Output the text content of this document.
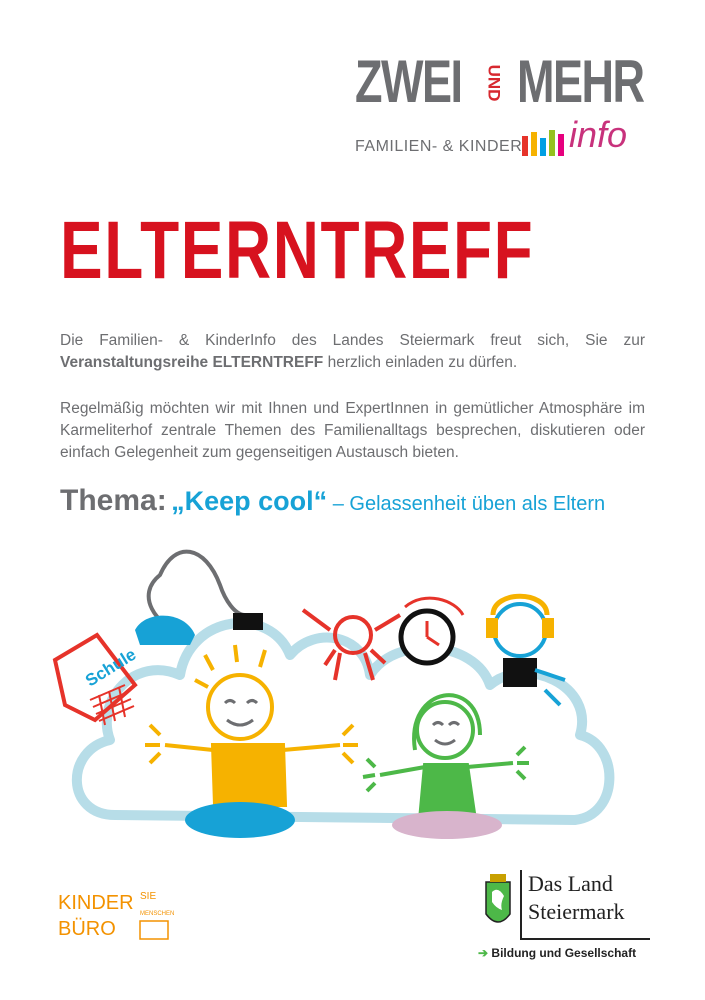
ZWEI UND MEHR
FAMILIEN- & KINDER info
ELTERNTREFF

Die Familien- & KinderInfo des Landes Steiermark freut sich, Sie zur Veranstaltungsreihe ELTERNTREFF herzlich einladen zu dürfen.

Regelmäßig möchten wir mit Ihnen und ExpertInnen in gemütlicher Atmosphäre im Karmeliterhof zentrale Themen des Familienalltags besprechen, diskutieren oder einfach Gelegenheit zum gegenseitigen Austausch bieten.

Thema: „Keep cool“ – Gelassenheit üben als Eltern
Schule
KINDER
BÜRO
SIE
MENSCHEN
Das Land
Steiermark
➔ Bildung und Gesellschaft
